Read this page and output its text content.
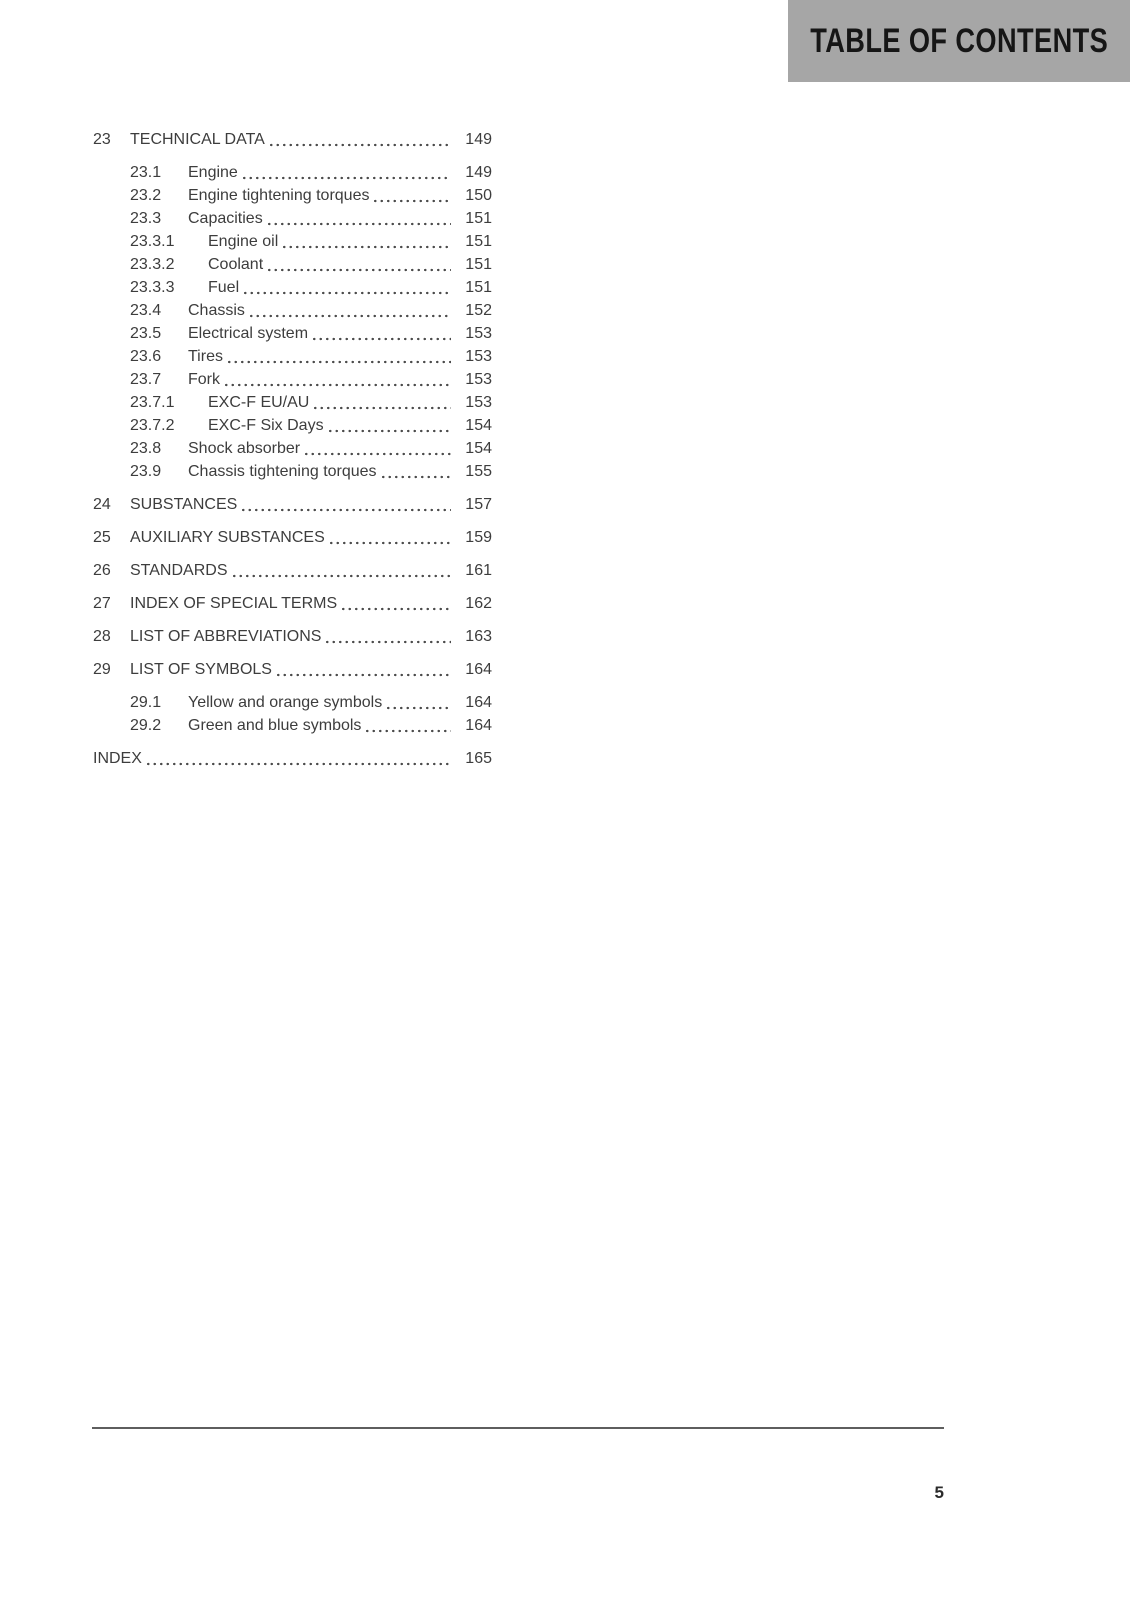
TABLE OF CONTENTS
23	TECHNICAL DATA	149
23.1	Engine	149
23.2	Engine tightening torques	150
23.3	Capacities	151
23.3.1	Engine oil	151
23.3.2	Coolant	151
23.3.3	Fuel	151
23.4	Chassis	152
23.5	Electrical system	153
23.6	Tires	153
23.7	Fork	153
23.7.1	EXC-F EU/AU	153
23.7.2	EXC-F Six Days	154
23.8	Shock absorber	154
23.9	Chassis tightening torques	155
24	SUBSTANCES	157
25	AUXILIARY SUBSTANCES	159
26	STANDARDS	161
27	INDEX OF SPECIAL TERMS	162
28	LIST OF ABBREVIATIONS	163
29	LIST OF SYMBOLS	164
29.1	Yellow and orange symbols	164
29.2	Green and blue symbols	164
INDEX	165
5
